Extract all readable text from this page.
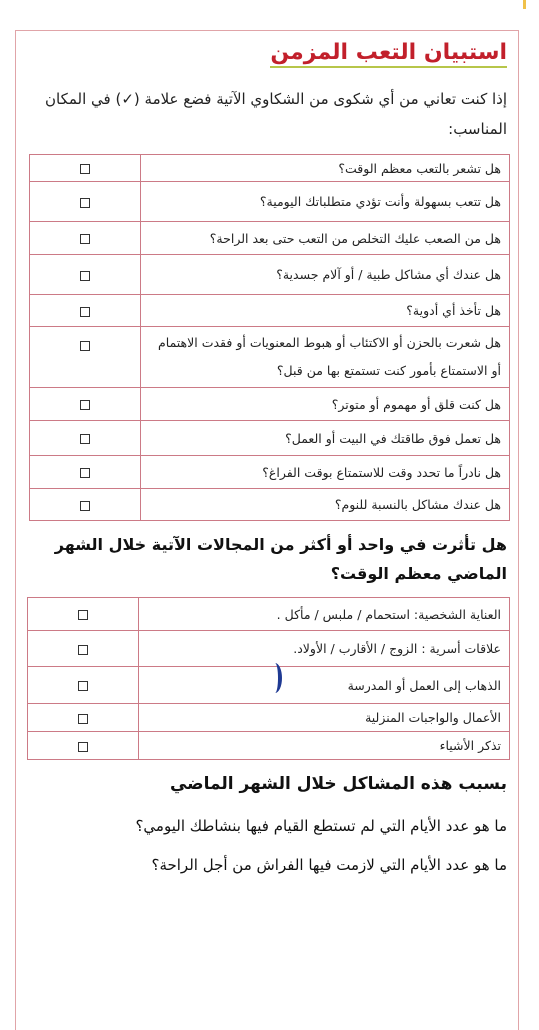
استبيان التعب المزمن
إذا كنت تعاني من أي شكوى من الشكاوي الآتية فضع علامة (✓) في المكان المناسب:
	هل تشعر بالتعب معظم الوقت؟
	هل تتعب بسهولة وأنت تؤدي متطلباتك اليومية؟
	هل من الصعب عليك التخلص من التعب حتى بعد الراحة؟
	هل عندك أي مشاكل طبية / أو آلام جسدية؟
	هل تأخذ أي أدوية؟
	هل شعرت بالحزن أو الاكتئاب أو هبوط المعنويات أو فقدت الاهتمام أو الاستمتاع بأمور كنت تستمتع بها من قبل؟
	هل كنت قلق أو مهموم أو متوتر؟
	هل تعمل فوق طاقتك في البيت أو العمل؟
	هل نادراً ما تحدد وقت للاستمتاع بوقت الفراغ؟
	هل عندك مشاكل بالنسبة للنوم؟
هل تأثرت في واحد أو أكثر من المجالات الآتية خلال الشهر الماضي معظم الوقت؟
	العناية الشخصية: استحمام / ملبس / مأكل .
	علاقات أسرية : الزوج / الأقارب / الأولاد.
	الذهاب إلى العمل أو المدرسة
	الأعمال والواجبات المنزلية
	تذكر الأشياء
بسبب هذه المشاكل خلال الشهر الماضي
ما هو عدد الأيام التي لم تستطع القيام فيها بنشاطك اليومي؟
ما هو عدد الأيام التي لازمت فيها الفراش من أجل الراحة؟
